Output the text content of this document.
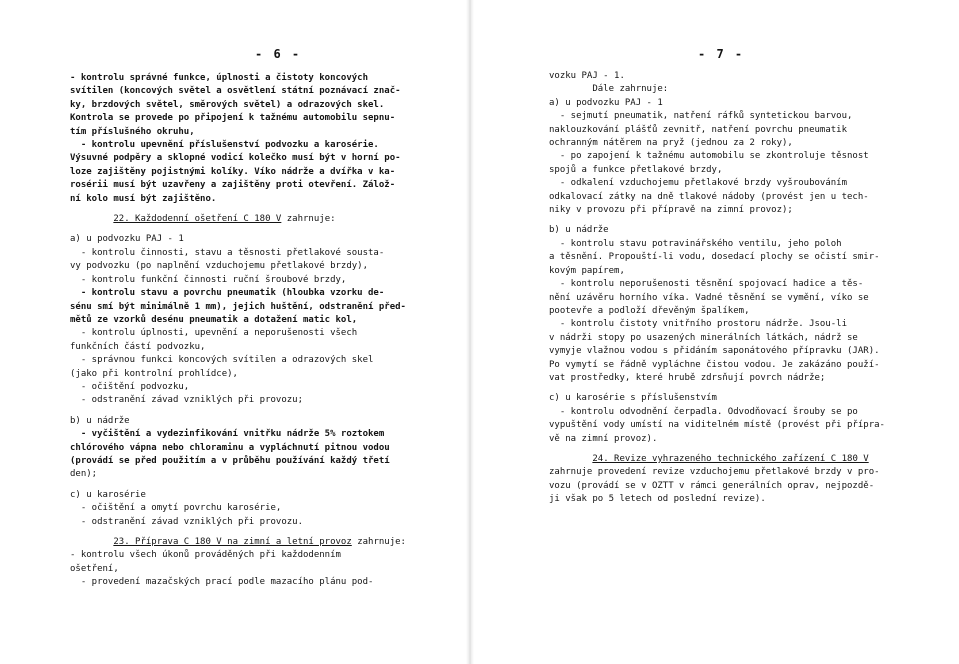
- 6 -
- kontrolu správné funkce, úplnosti a čistoty koncových
svítilen (koncových světel a osvětlení státní poznávací znač-
ky, brzdových světel, směrových světel) a odrazových skel.
Kontrola se provede po připojení k tažnému automobilu sepnu-
tím příslušného okruhu,
- kontrolu upevnění příslušenství podvozku a karosérie.
Výsuvné podpěry a sklopné vodicí kolečko musí být v horní po-
loze zajištěny pojistnými kolíky. Víko nádrže a dvířka v ka-
rosérii musí být uzavřeny a zajištěny proti otevření. Zálož-
ní kolo musí být zajištěno.
22. Každodenní ošetření C 180 V zahrnuje:
a) u podvozku PAJ - 1
- kontrolu činnosti, stavu a těsnosti přetlakové sousta-
vy podvozku (po naplnění vzduchojemu přetlakové brzdy),
- kontrolu funkční činnosti ruční šroubové brzdy,
- kontrolu stavu a povrchu pneumatik (hloubka vzorku de-
sénu smí být minimálně 1 mm), jejich huštění, odstranění před-
mětů ze vzorků desénu pneumatik a dotažení matic kol,
- kontrolu úplnosti, upevnění a neporušenosti všech
funkčních částí podvozku,
- správnou funkci koncových svítilen a odrazových skel
(jako při kontrolní prohlídce),
- očištění podvozku,
- odstranění závad vzniklých při provozu;
b) u nádrže
- vyčištění a vydezinfikování vnitřku nádrže 5% roztokem
chlórového vápna nebo chloraminu a vypláchnutí pitnou vodou
(provádí se před použitím a v průběhu používání každý třetí
den);
c) u karosérie
- očištění a omytí povrchu karosérie,
- odstranění závad vzniklých při provozu.
23. Příprava C 180 V na zimní a letní provoz zahrnuje:
- kontrolu všech úkonů prováděných při každodenním
ošetření,
- provedení mazačských prací podle mazacího plánu pod-
- 7 -
vozku PAJ - 1.
Dále zahrnuje:
a) u podvozku PAJ - 1
- sejmutí pneumatik, natření ráfků syntetickou barvou,
naklouzkování plášťů zevnitř, natření povrchu pneumatik
ochranným nátěrem na pryž (jednou za 2 roky),
- po zapojení k tažnému automobilu se zkontroluje těsnost
spojů a funkce přetlakové brzdy,
- odkalení vzduchojemu přetlakové brzdy vyšroubováním
odkalovací zátky na dně tlakové nádoby (provést jen u tech-
niky v provozu při přípravě na zimní provoz);
b) u nádrže
- kontrolu stavu potravinářského ventilu, jeho poloh
a těsnění. Propouští-li vodu, dosedací plochy se očistí smir-
kovým papírem,
- kontrolu neporušenosti těsnění spojovací hadice a těs-
nění uzávěru horního víka. Vadné těsnění se vymění, víko se
pootevře a podloží dřevěným špalíkem,
- kontrolu čistoty vnitřního prostoru nádrže. Jsou-li
v nádrži stopy po usazených minerálních látkách, nádrž se
vymyje vlažnou vodou s přidáním saponátového přípravku (JAR).
Po vymytí se řádně vypláchne čistou vodou. Je zakázáno použí-
vat prostředky, které hrubě zdrsňují povrch nádrže;
c) u karosérie s příslušenstvím
- kontrolu odvodnění čerpadla. Odvodňovací šrouby se po
vypuštění vody umístí na viditelném místě (provést při přípra-
vě na zimní provoz).
24. Revize vyhrazeného technického zařízení C 180 V
zahrnuje provedení revize vzduchojemu přetlakové brzdy v pro-
vozu (provádí se v OZTT v rámci generálních oprav, nejpozdě-
ji však po 5 letech od poslední revize).
